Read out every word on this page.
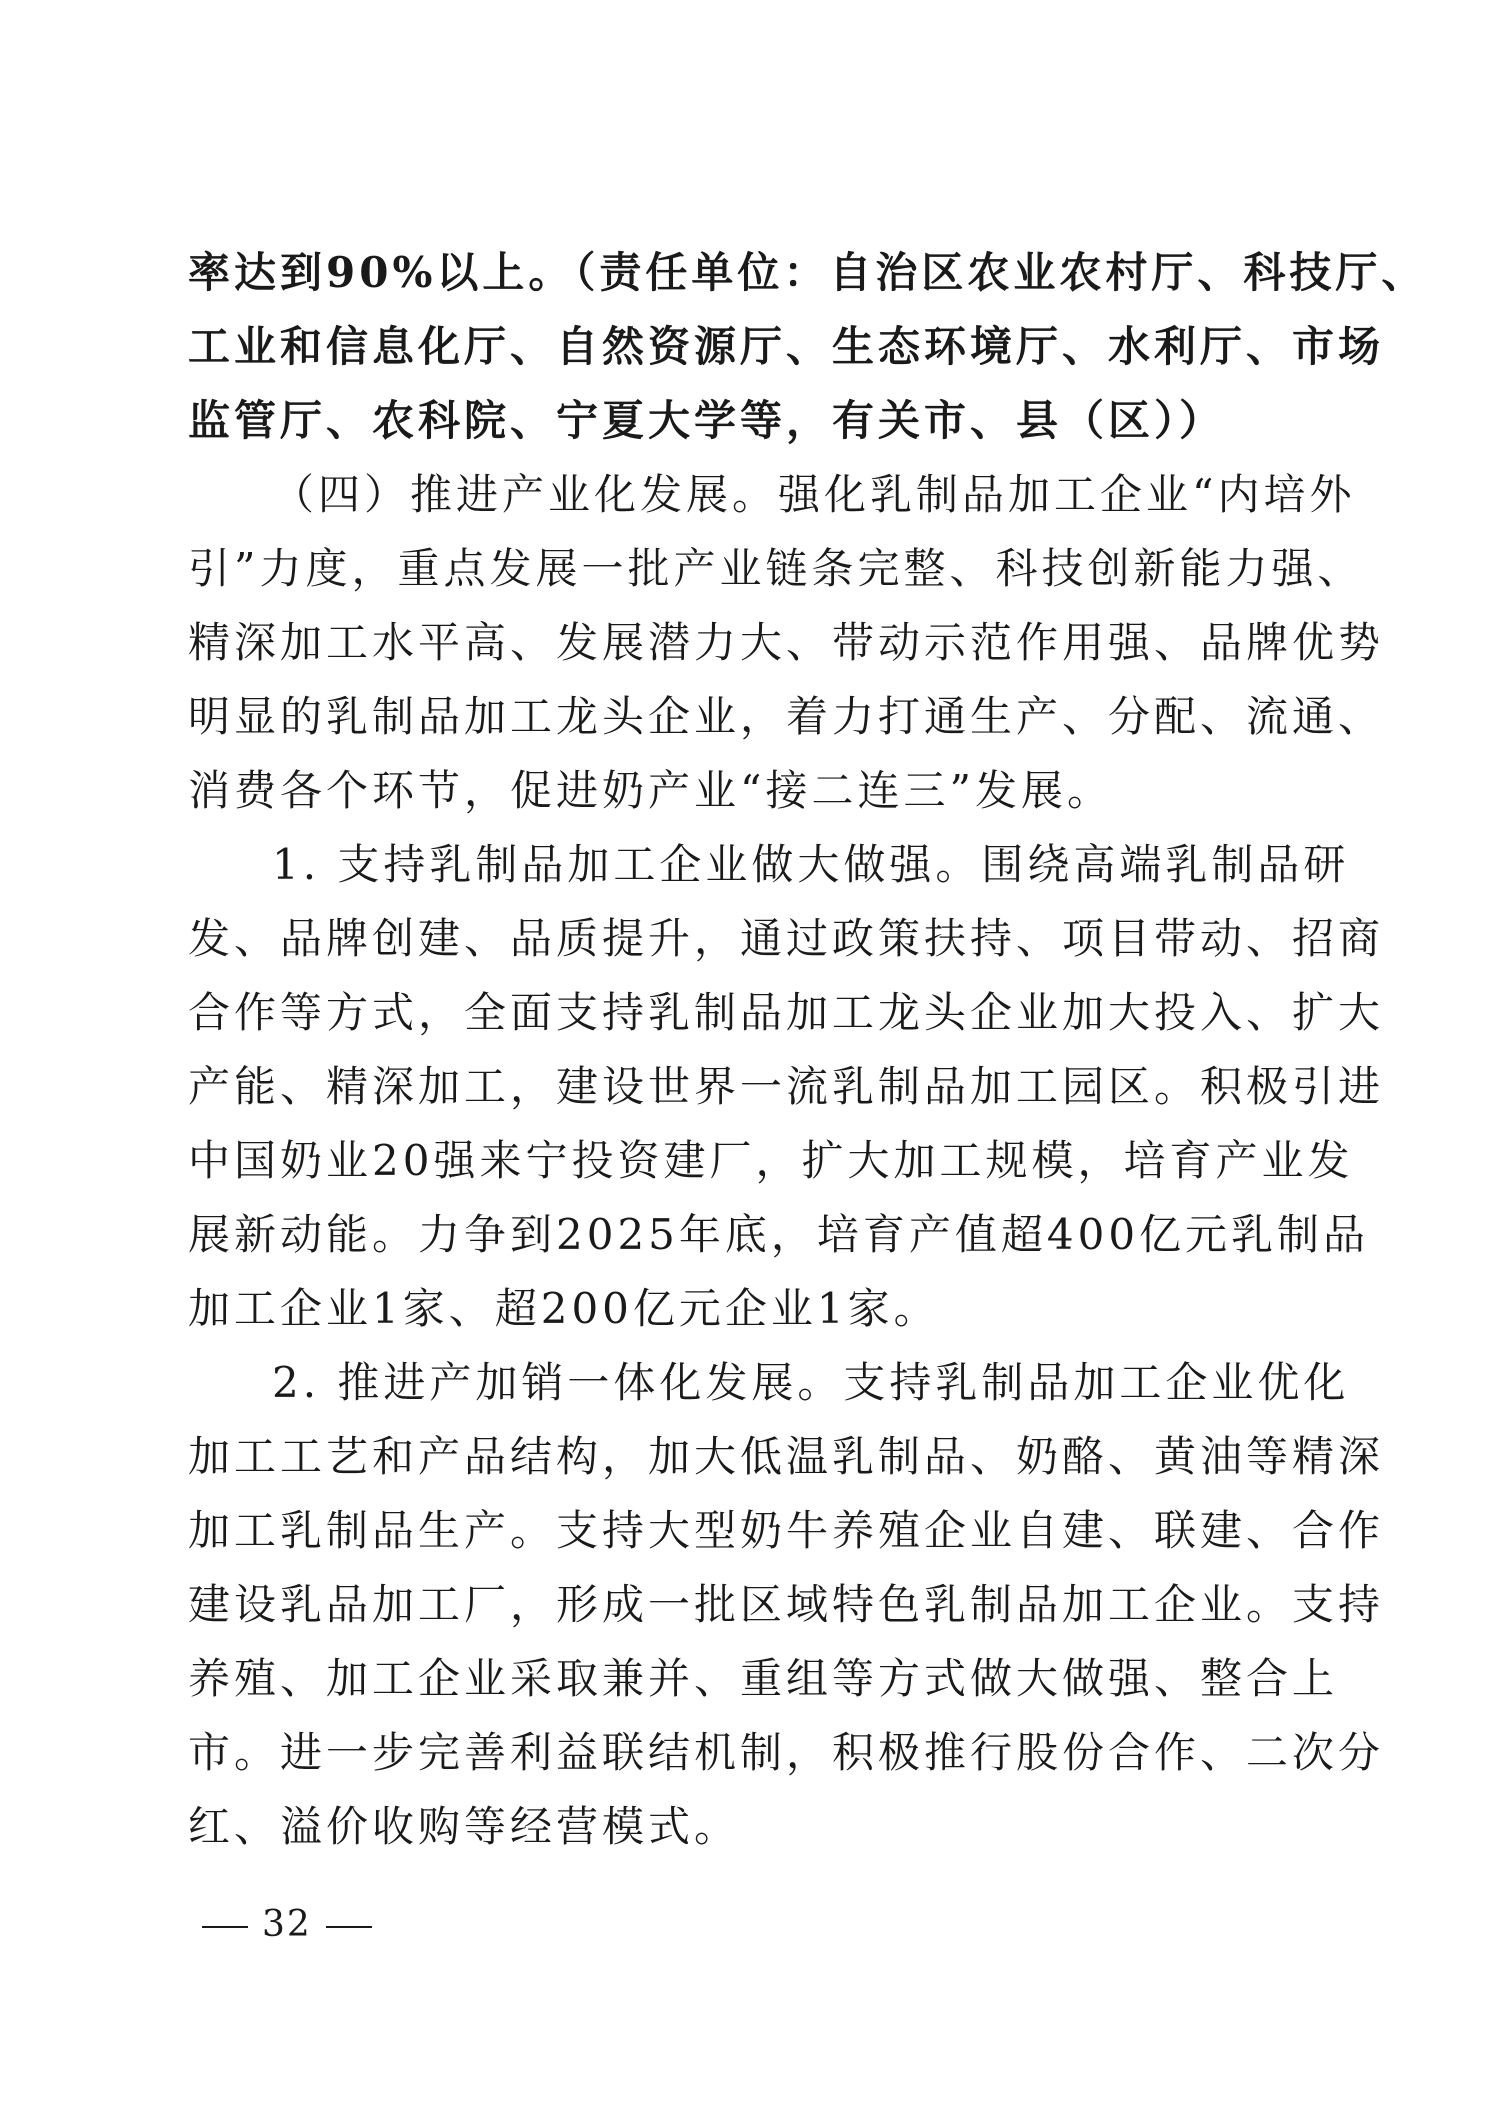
率达到90%以上。（责任单位：自治区农业农村厅、科技厅、
工业和信息化厅、自然资源厅、生态环境厅、水利厅、市场
监管厅、农科院、宁夏大学等，有关市、县（区））
（四）推进产业化发展。强化乳制品加工企业“内培外
引”力度，重点发展一批产业链条完整、科技创新能力强、
精深加工水平高、发展潜力大、带动示范作用强、品牌优势
明显的乳制品加工龙头企业，着力打通生产、分配、流通、
消费各个环节，促进奶产业“接二连三”发展。
1. 支持乳制品加工企业做大做强。围绕高端乳制品研
发、品牌创建、品质提升，通过政策扶持、项目带动、招商
合作等方式，全面支持乳制品加工龙头企业加大投入、扩大
产能、精深加工，建设世界一流乳制品加工园区。积极引进
中国奶业20强来宁投资建厂，扩大加工规模，培育产业发
展新动能。力争到2025年底，培育产值超400亿元乳制品
加工企业1家、超200亿元企业1家。
2. 推进产加销一体化发展。支持乳制品加工企业优化
加工工艺和产品结构，加大低温乳制品、奶酪、黄油等精深
加工乳制品生产。支持大型奶牛养殖企业自建、联建、合作
建设乳品加工厂，形成一批区域特色乳制品加工企业。支持
养殖、加工企业采取兼并、重组等方式做大做强、整合上
市。进一步完善利益联结机制，积极推行股份合作、二次分
红、溢价收购等经营模式。
32
